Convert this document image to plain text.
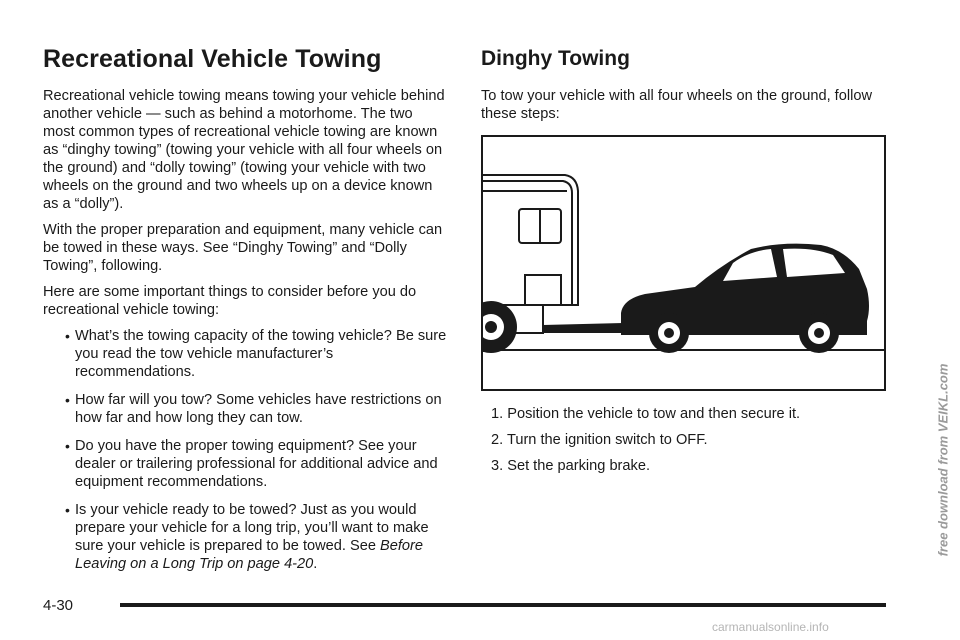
Recreational Vehicle Towing

Recreational vehicle towing means towing your vehicle behind another vehicle — such as behind a motorhome. The two most common types of recreational vehicle towing are known as “dinghy towing” (towing your vehicle with all four wheels on the ground) and “dolly towing” (towing your vehicle with two wheels on the ground and two wheels up on a device known as a “dolly”).

With the proper preparation and equipment, many vehicle can be towed in these ways. See “Dinghy Towing” and “Dolly Towing”, following.

Here are some important things to consider before you do recreational vehicle towing:

• What’s the towing capacity of the towing vehicle? Be sure you read the tow vehicle manufacturer’s recommendations.
• How far will you tow? Some vehicles have restrictions on how far and how long they can tow.
• Do you have the proper towing equipment? See your dealer or trailering professional for additional advice and equipment recommendations.
• Is your vehicle ready to be towed? Just as you would prepare your vehicle for a long trip, you’ll want to make sure your vehicle is prepared to be towed. See Before Leaving on a Long Trip on page 4-20.
Dinghy Towing

To tow your vehicle with all four wheels on the ground, follow these steps:

1. Position the vehicle to tow and then secure it.
2. Turn the ignition switch to OFF.
3. Set the parking brake.
4-30
free download from VEIKL.com
carmanualsonline.info
